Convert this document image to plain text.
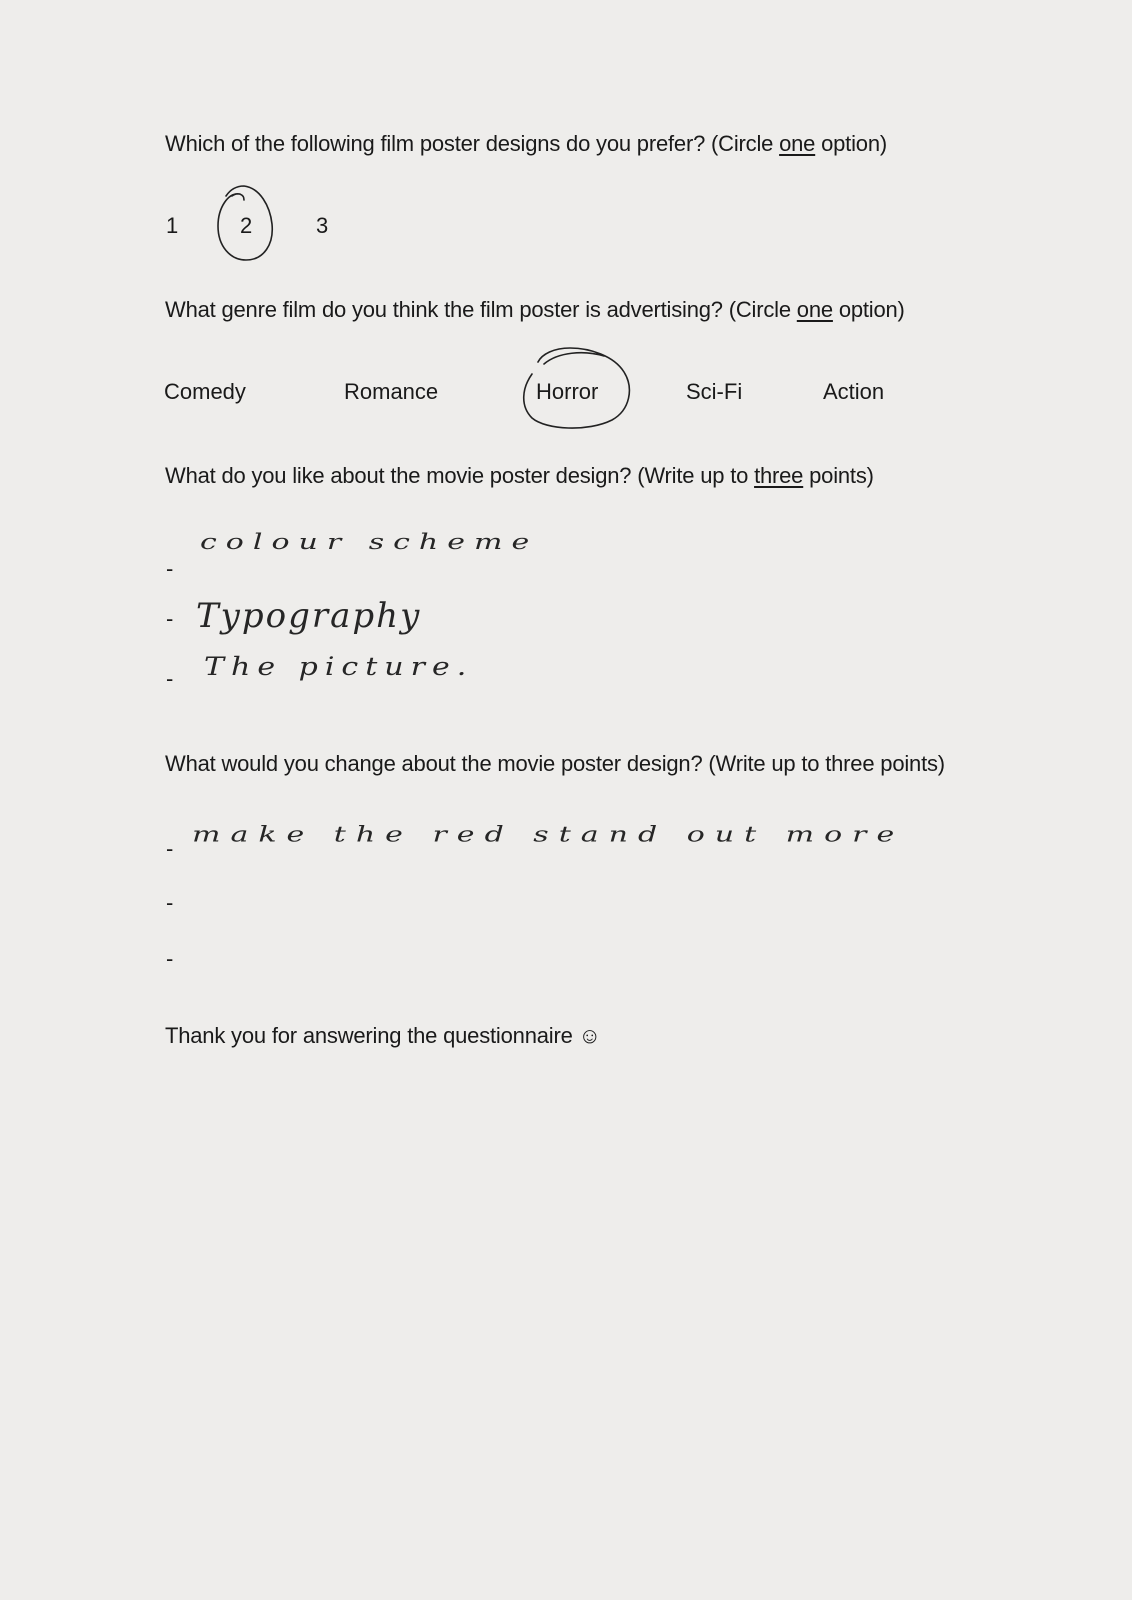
Which of the following film poster designs do you prefer? (Circle one option)
1	2	3
What genre film do you think the film poster is advertising? (Circle one option)
Comedy	Romance	Horror	Sci-Fi	Action
What do you like about the movie poster design? (Write up to three points)
-
-
-
colour scheme
Typography
The picture.
What would you change about the movie poster design? (Write up to three points)
-
-
-
make the red stand out more
Thank you for answering the questionnaire ☺
